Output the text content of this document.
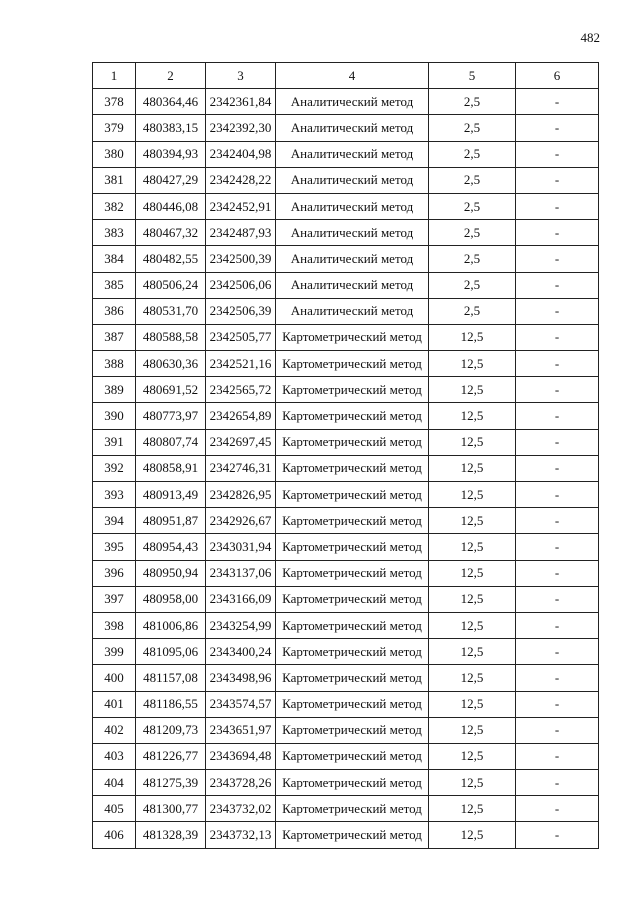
482
1	2	3	4	5	6
378	480364,46	2342361,84	Аналитический метод	2,5	-
379	480383,15	2342392,30	Аналитический метод	2,5	-
380	480394,93	2342404,98	Аналитический метод	2,5	-
381	480427,29	2342428,22	Аналитический метод	2,5	-
382	480446,08	2342452,91	Аналитический метод	2,5	-
383	480467,32	2342487,93	Аналитический метод	2,5	-
384	480482,55	2342500,39	Аналитический метод	2,5	-
385	480506,24	2342506,06	Аналитический метод	2,5	-
386	480531,70	2342506,39	Аналитический метод	2,5	-
387	480588,58	2342505,77	Картометрический метод	12,5	-
388	480630,36	2342521,16	Картометрический метод	12,5	-
389	480691,52	2342565,72	Картометрический метод	12,5	-
390	480773,97	2342654,89	Картометрический метод	12,5	-
391	480807,74	2342697,45	Картометрический метод	12,5	-
392	480858,91	2342746,31	Картометрический метод	12,5	-
393	480913,49	2342826,95	Картометрический метод	12,5	-
394	480951,87	2342926,67	Картометрический метод	12,5	-
395	480954,43	2343031,94	Картометрический метод	12,5	-
396	480950,94	2343137,06	Картометрический метод	12,5	-
397	480958,00	2343166,09	Картометрический метод	12,5	-
398	481006,86	2343254,99	Картометрический метод	12,5	-
399	481095,06	2343400,24	Картометрический метод	12,5	-
400	481157,08	2343498,96	Картометрический метод	12,5	-
401	481186,55	2343574,57	Картометрический метод	12,5	-
402	481209,73	2343651,97	Картометрический метод	12,5	-
403	481226,77	2343694,48	Картометрический метод	12,5	-
404	481275,39	2343728,26	Картометрический метод	12,5	-
405	481300,77	2343732,02	Картометрический метод	12,5	-
406	481328,39	2343732,13	Картометрический метод	12,5	-
